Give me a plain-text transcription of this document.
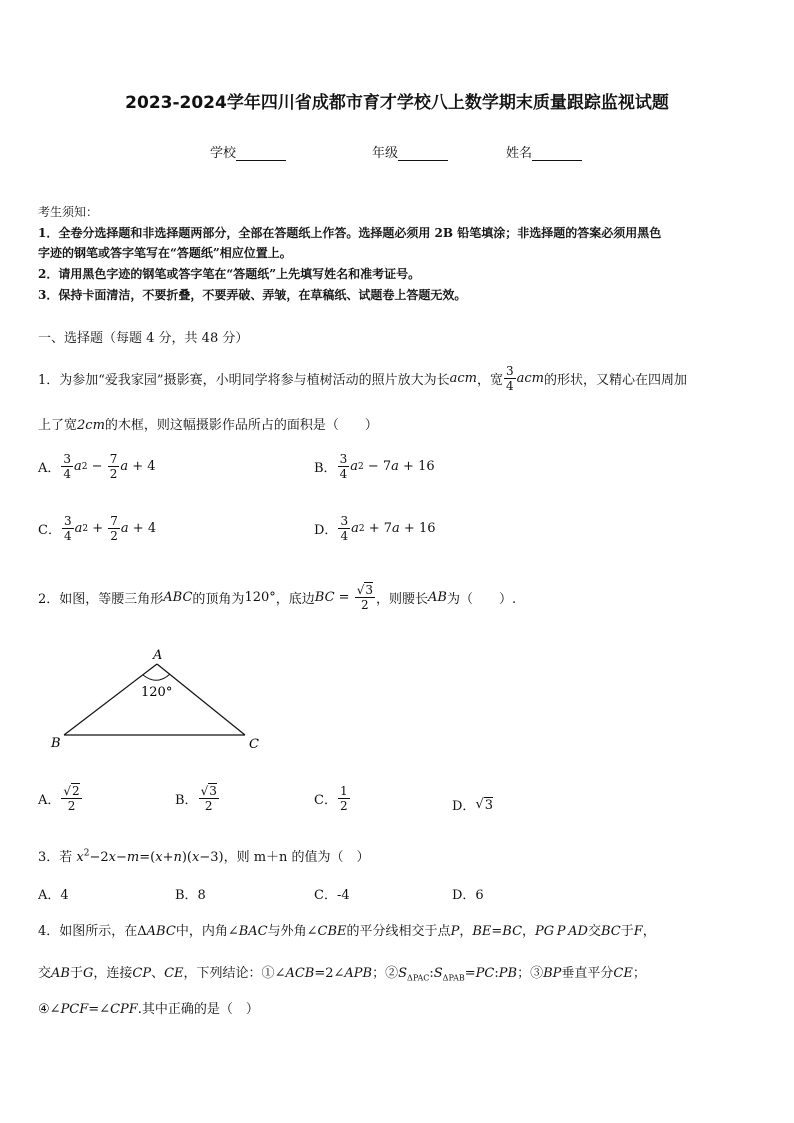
2023-2024学年四川省成都市育才学校八上数学期末质量跟踪监视试题
学校	年级	姓名
考生须知：
1．全卷分选择题和非选择题两部分，全部在答题纸上作答。选择题必须用 2B 铅笔填涂；非选择题的答案必须用黑色
字迹的钢笔或答字笔写在“答题纸”相应位置上。
2．请用黑色字迹的钢笔或答字笔在“答题纸”上先填写姓名和准考证号。
3．保持卡面清洁，不要折叠，不要弄破、弄皱，在草稿纸、试题卷上答题无效。
一、选择题（每题 4 分，共 48 分）
1．为参加“爱我家园”摄影赛，小明同学将参与植树活动的照片放大为长 acm ，宽 $\frac{3}{4}$ acm 的形状，又精心在四周加
上了宽2cm的木框，则这幅摄影作品所占的面积是（　　）
A． $\frac{3}{4}$ a $2 - \frac{7}{2}$ a + 4	B． $\frac{3}{4}$ a 2 − 7 a + 16
C． $\frac{3}{4}$ a $2 + \frac{7}{2}$ a + 4	D． $\frac{3}{4}$ a 2 + 7 a + 16
2．如图，等腰三角形 ABC 的顶角为 120° ，底边 BC = $\frac{√3}{2}$ ，则腰长 AB 为（　　）.
A
B	C
120°
A． $\frac{√2}{2}$	B． $\frac{√3}{2}$	C． $\frac{1}{2}$	D． √ 3
3．若 $x^2-2x-m=(x+n)(x-3)$，则 m＋n 的值为（　）
A．4	B．8	C．-4	D．6
4．如图所示，在ΔABC中，内角∠BAC与外角∠CBE的平分线相交于点P，BE=BC，PG  P  AD交BC于F，
交AB于G，连接CP、CE，下列结论：①∠ACB=2∠APB；$②S_{\Delta PAC}:S_{\Delta PAB}=PC:PB$；③BP垂直平分CE；
④∠PCF=∠CPF.其中正确的是（　）
